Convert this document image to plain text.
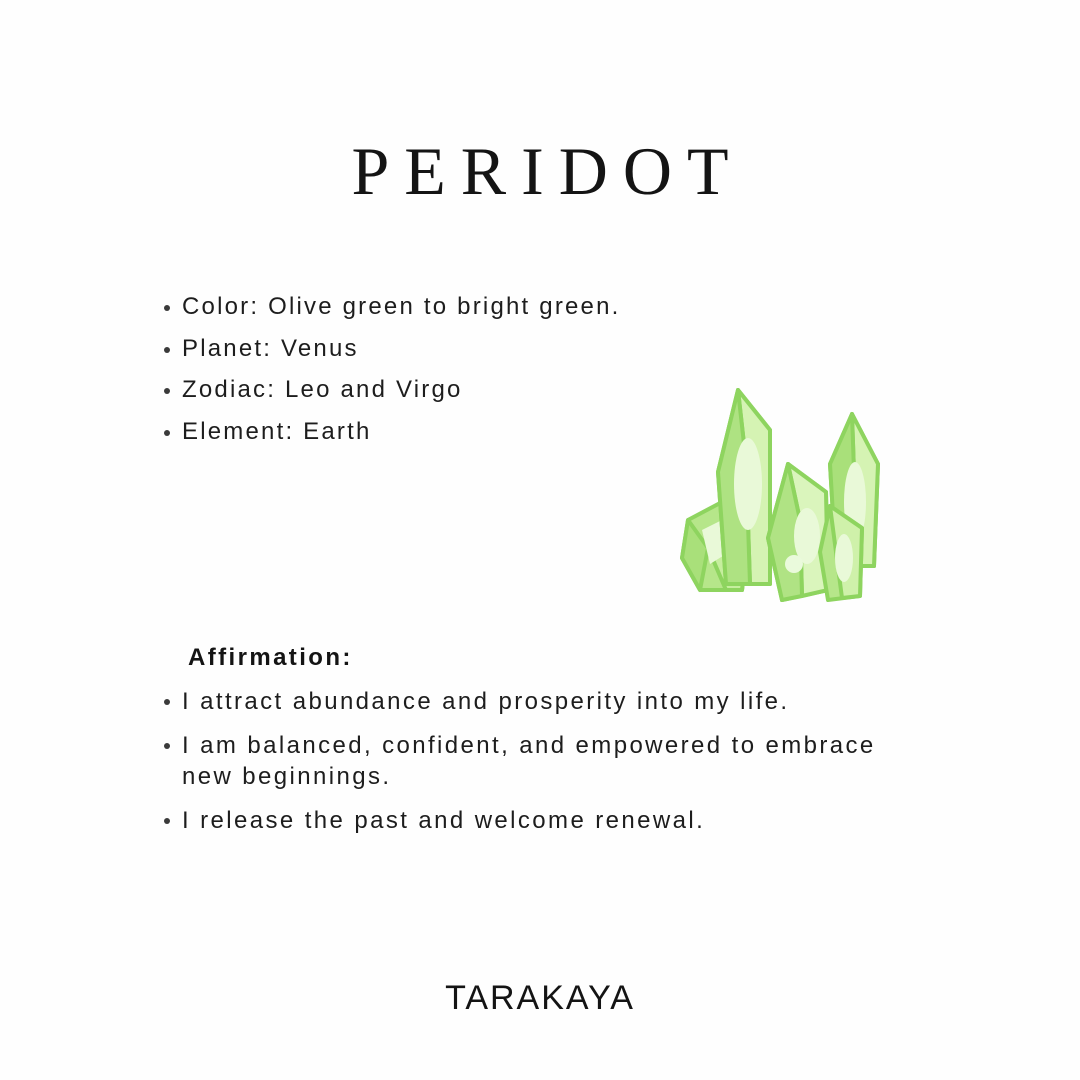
PERIDOT
Color: Olive green to bright green.
Planet: Venus
Zodiac: Leo and Virgo
Element: Earth
Affirmation:
I attract abundance and prosperity into my life.
I am balanced, confident, and empowered to embrace new beginnings.
I release the past and welcome renewal.
TARAKAYA
